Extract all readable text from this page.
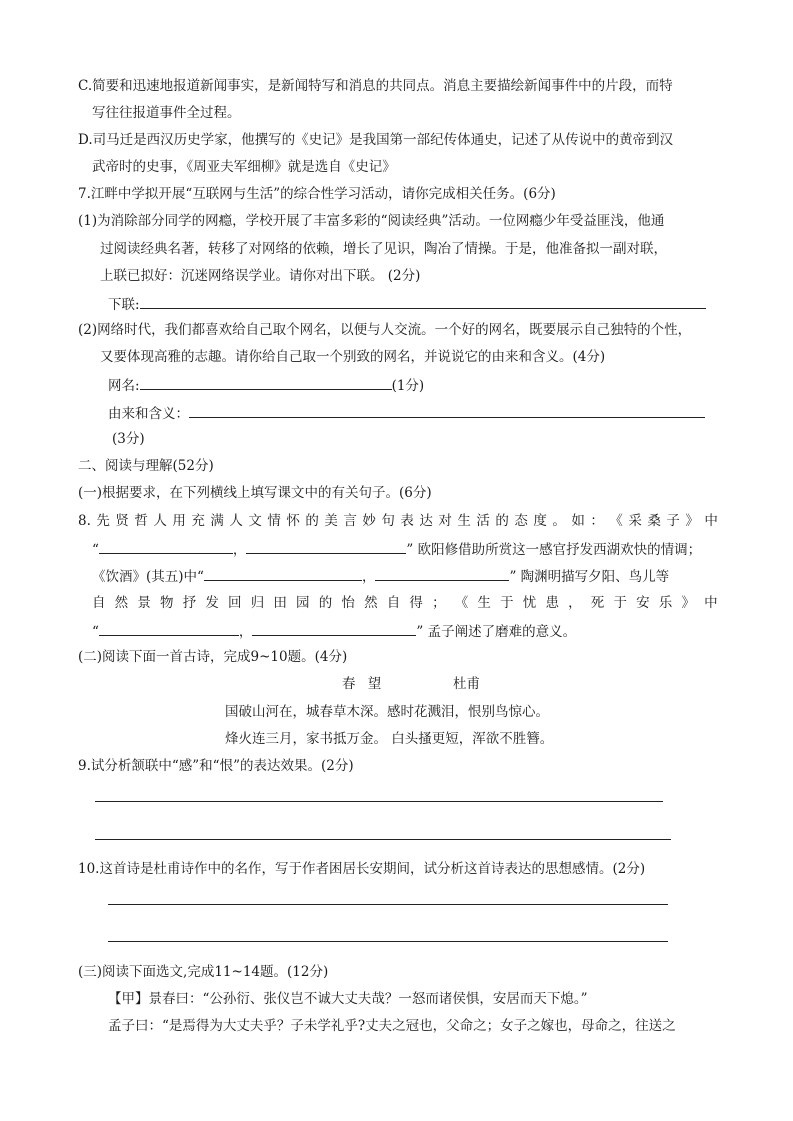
C.简要和迅速地报道新闻事实，是新闻特写和消息的共同点。消息主要描绘新闻事件中的片段，而特
写往往报道事件全过程。
D.司马迁是西汉历史学家，他撰写的《史记》是我国第一部纪传体通史，记述了从传说中的黄帝到汉
武帝时的史事，《周亚夫军细柳》就是选自《史记》
7.江畔中学拟开展“互联网与生活”的综合性学习活动，请你完成相关任务。(6分)
(1)为消除部分同学的网瘾，学校开展了丰富多彩的“阅读经典”活动。一位网瘾少年受益匪浅，他通
过阅读经典名著，转移了对网络的依赖，增长了见识，陶冶了情操。于是，他准备拟一副对联，
上联已拟好：沉迷网络误学业。请你对出下联。 (2分)
下联:
(2)网络时代，我们都喜欢给自己取个网名，以便与人交流。一个好的网名，既要展示自己独特的个性，
又要体现高雅的志趣。请你给自己取一个别致的网名，并说说它的由来和含义。(4分)
网名:	(1分)
由来和含义：
(3分)
二、阅读与理解(52分)
(一)根据要求，在下列横线上填写课文中的有关句子。(6分)
8. 先 贤 哲 人 用 充 满 人 文 情 怀 的 美 言 妙 句 表 达 对 生 活 的 态 度 。 如 ： 《 采 桑 子 》 中
“	，	” 欧阳修借助所赏这一感官抒发西湖欢快的情调；
《饮酒》(其五)中“	，	” 陶渊明描写夕阳、鸟儿等
自 然 景 物 抒 发 回 归 田 园 的 怡 然 自 得 ； 《 生 于 忧 患 ， 死 于 安 乐 》 中
“	，	” 孟子阐述了磨难的意义。
(二)阅读下面一首古诗，完成9~10题。(4分)
春 望	杜甫
国破山河在，城春草木深。感时花溅泪，恨别鸟惊心。
烽火连三月，家书抵万金。 白头搔更短，浑欲不胜簪。
9.试分析颔联中“感”和“恨”的表达效果。(2分)
10.这首诗是杜甫诗作中的名作，写于作者困居长安期间，试分析这首诗表达的思想感情。(2分)
(三)阅读下面选文,完成11~14题。(12分)
【甲】景春曰：“公孙衍、张仪岂不诚大丈夫哉？一怒而诸侯惧，安居而天下熄。”
孟子曰：“是焉得为大丈夫乎？子未学礼乎?丈夫之冠也，父命之；女子之嫁也，母命之，往送之
